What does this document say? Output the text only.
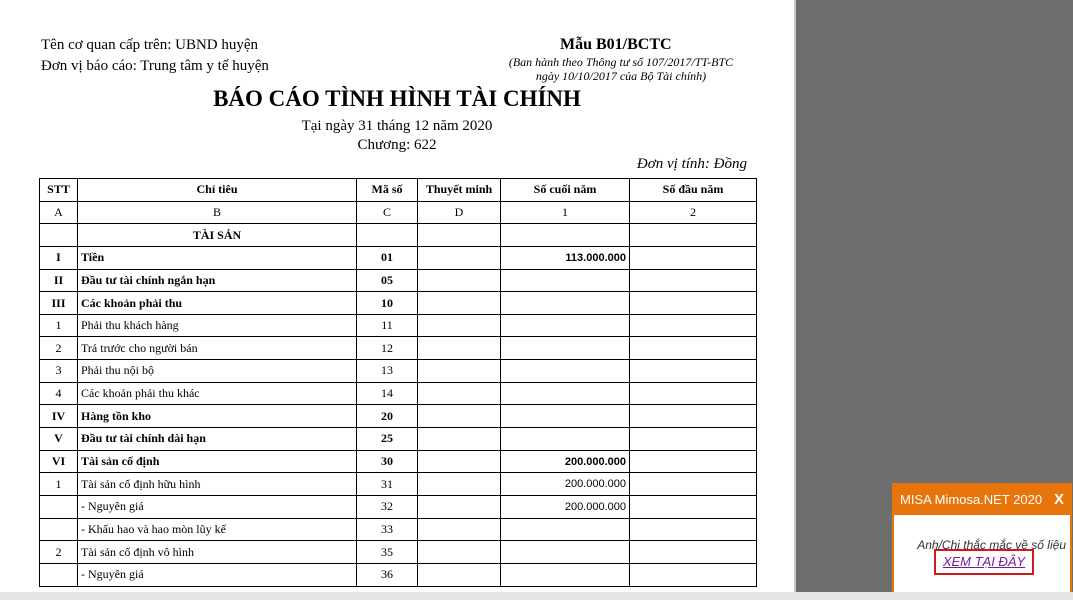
Tên cơ quan cấp trên: UBND huyện
Đơn vị báo cáo: Trung tâm y tế huyện
Mẫu B01/BCTC
(Ban hành theo Thông tư số 107/2017/TT-BTC
ngày 10/10/2017 của Bộ Tài chính)
BÁO CÁO TÌNH HÌNH TÀI CHÍNH
Tại ngày 31 tháng 12 năm 2020
Chương: 622
Đơn vị tính: Đồng
STT	Chỉ tiêu	Mã số	Thuyết minh	Số cuối năm	Số đầu năm
A	B	C	D	1	2
	TÀI SẢN				
I	Tiền	01		113.000.000	
II	Đầu tư tài chính ngắn hạn	05			
III	Các khoản phải thu	10			
1	Phải thu khách hàng	11			
2	Trả trước cho người bán	12			
3	Phải thu nội bộ	13			
4	Các khoản phải thu khác	14			
IV	Hàng tồn kho	20			
V	Đầu tư tài chính dài hạn	25			
VI	Tài sản cố định	30		200.000.000	
1	Tài sản cố định hữu hình	31		200.000.000	
	- Nguyên giá	32		200.000.000	
	- Khấu hao và hao mòn lũy kế	33			
2	Tài sản cố định vô hình	35			
	- Nguyên giá	36			
MISA Mimosa.NET 2020 X
Anh/Chị thắc mắc về số liệu
XEM TẠI ĐÂY
